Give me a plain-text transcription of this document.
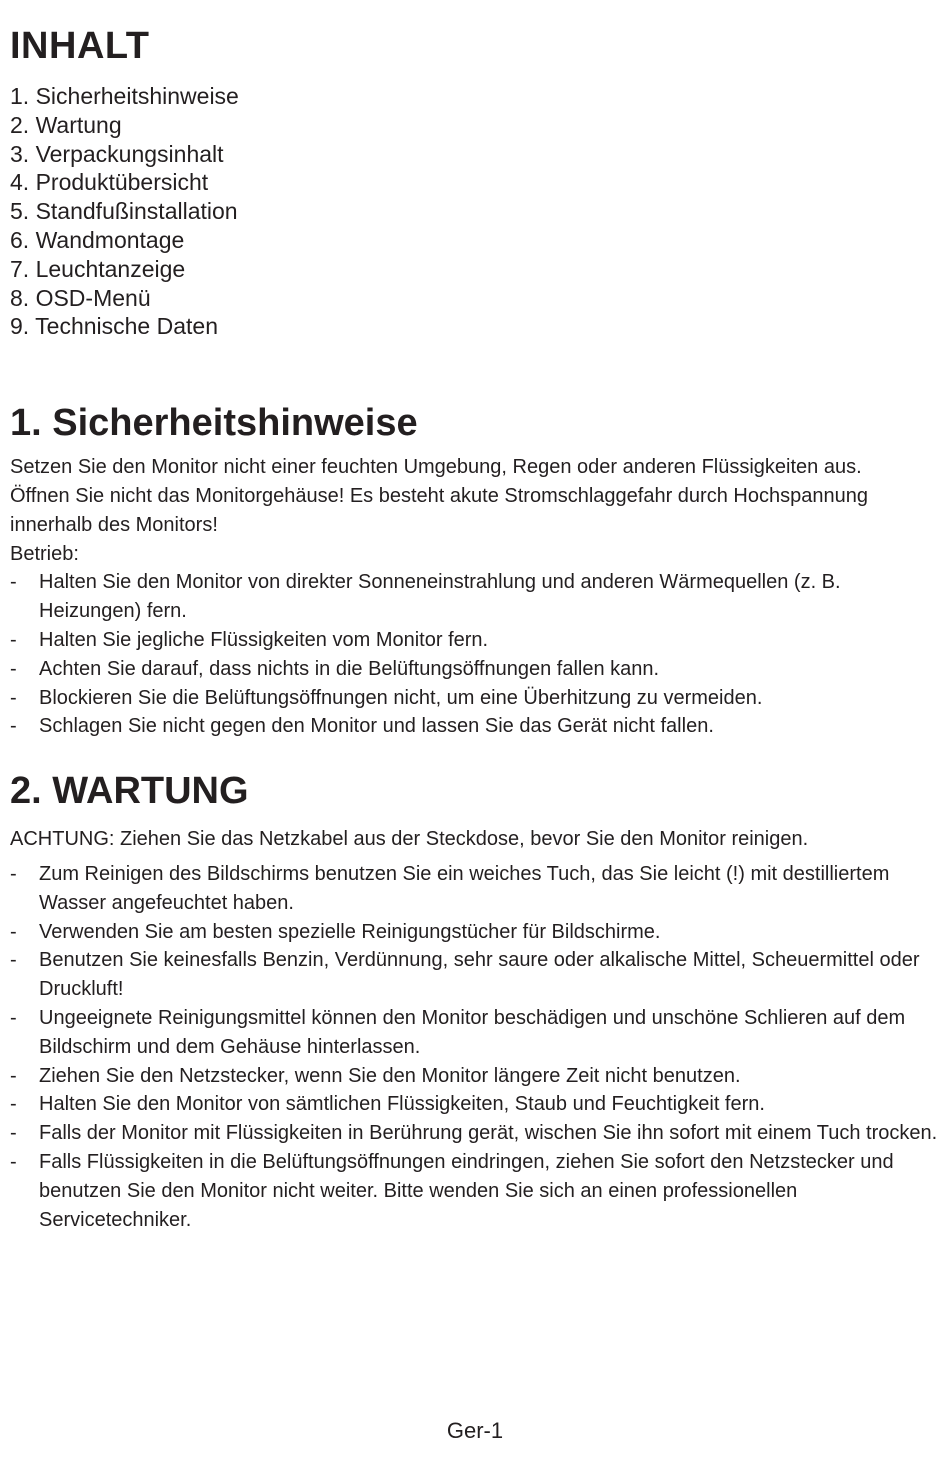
INHALT
1. Sicherheitshinweise
2. Wartung
3. Verpackungsinhalt
4. Produktübersicht
5. Standfußinstallation
6. Wandmontage
7. Leuchtanzeige
8. OSD-Menü
9. Technische Daten
1. Sicherheitshinweise

Setzen Sie den Monitor nicht einer feuchten Umgebung, Regen oder anderen Flüssigkeiten aus.

Öffnen Sie nicht das Monitorgehäuse! Es besteht akute Stromschlaggefahr durch Hochspannung innerhalb des Monitors!

Betrieb:

- Halten Sie den Monitor von direkter Sonneneinstrahlung und anderen Wärmequellen (z. B. Heizungen) fern.
- Halten Sie jegliche Flüssigkeiten vom Monitor fern.
- Achten Sie darauf, dass nichts in die Belüftungsöffnungen fallen kann.
- Blockieren Sie die Belüftungsöffnungen nicht, um eine Überhitzung zu vermeiden.
- Schlagen Sie nicht gegen den Monitor und lassen Sie das Gerät nicht fallen.
2. WARTUNG

ACHTUNG: Ziehen Sie das Netzkabel aus der Steckdose, bevor Sie den Monitor reinigen.

- Zum Reinigen des Bildschirms benutzen Sie ein weiches Tuch, das Sie leicht (!) mit destilliertem Wasser angefeuchtet haben.
- Verwenden Sie am besten spezielle Reinigungstücher für Bildschirme.
- Benutzen Sie keinesfalls Benzin, Verdünnung, sehr saure oder alkalische Mittel, Scheuermittel oder Druckluft!
- Ungeeignete Reinigungsmittel können den Monitor beschädigen und unschöne Schlieren auf dem Bildschirm und dem Gehäuse hinterlassen.
- Ziehen Sie den Netzstecker, wenn Sie den Monitor längere Zeit nicht benutzen.
- Halten Sie den Monitor von sämtlichen Flüssigkeiten, Staub und Feuchtigkeit fern.
- Falls der Monitor mit Flüssigkeiten in Berührung gerät, wischen Sie ihn sofort mit einem Tuch trocken.
- Falls Flüssigkeiten in die Belüftungsöffnungen eindringen, ziehen Sie sofort den Netzstecker und benutzen Sie den Monitor nicht weiter. Bitte wenden Sie sich an einen professionellen Servicetechniker.
Ger-1
